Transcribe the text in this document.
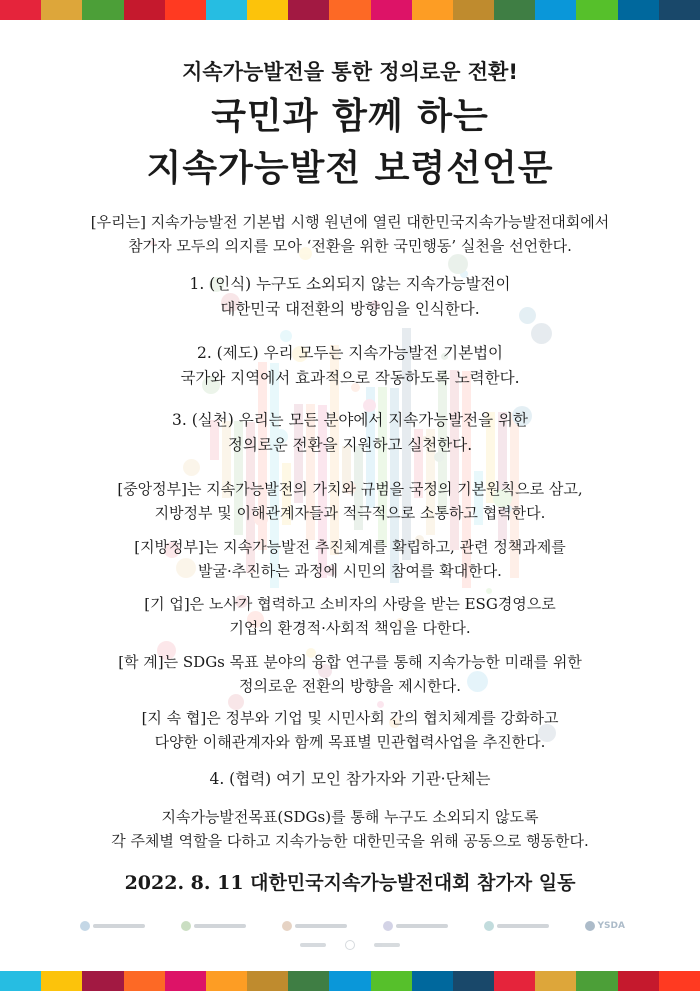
지속가능발전을 통한 정의로운 전환!
국민과 함께 하는
지속가능발전 보령선언문
[우리는] 지속가능발전 기본법 시행 원년에 열린 대한민국지속가능발전대회에서
참가자 모두의 의지를 모아 ‘전환을 위한 국민행동’ 실천을 선언한다.
1. (인식) 누구도 소외되지 않는 지속가능발전이
대한민국 대전환의 방향임을 인식한다.
2. (제도) 우리 모두는 지속가능발전 기본법이
국가와 지역에서 효과적으로 작동하도록 노력한다.
3. (실천) 우리는 모든 분야에서 지속가능발전을 위한
정의로운 전환을 지원하고 실천한다.
[중앙정부]는 지속가능발전의 가치와 규범을 국정의 기본원칙으로 삼고,
지방정부 및 이해관계자들과 적극적으로 소통하고 협력한다.
[지방정부]는 지속가능발전 추진체계를 확립하고, 관련 정책과제를
발굴·추진하는 과정에 시민의 참여를 확대한다.
[기 업]은 노사가 협력하고 소비자의 사랑을 받는 ESG경영으로
기업의 환경적·사회적 책임을 다한다.
[학 계]는 SDGs 목표 분야의 융합 연구를 통해 지속가능한 미래를 위한
정의로운 전환의 방향을 제시한다.
[지 속 협]은 정부와 기업 및 시민사회 간의 협치체계를 강화하고
다양한 이해관계자와 함께 목표별 민관협력사업을 추진한다.
4. (협력) 여기 모인 참가자와 기관·단체는
지속가능발전목표(SDGs)를 통해 누구도 소외되지 않도록
각 주체별 역할을 다하고 지속가능한 대한민국을 위해 공동으로 행동한다.
2022. 8. 11 대한민국지속가능발전대회 참가자 일동
YSDA
